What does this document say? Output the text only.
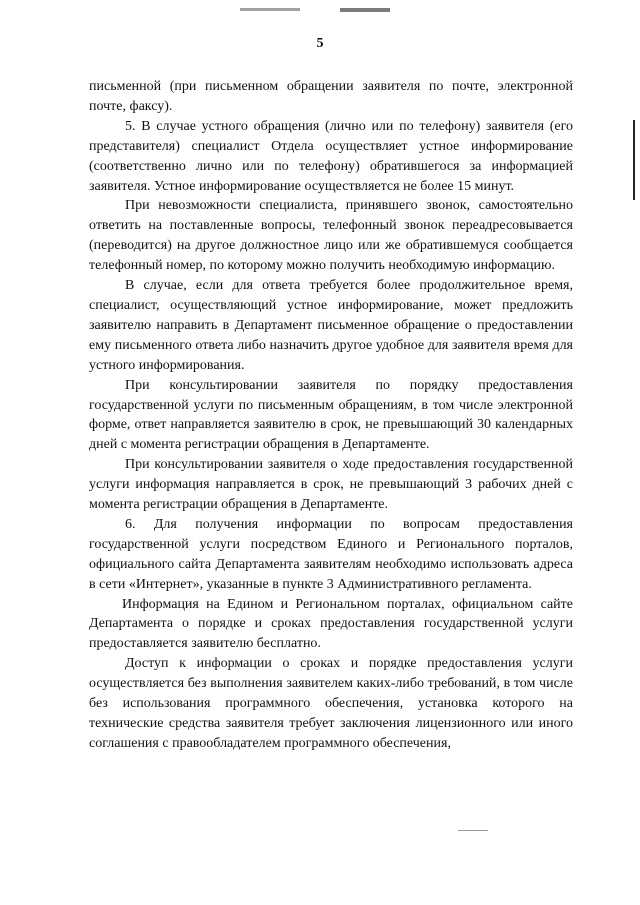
5

письменной (при письменном обращении заявителя по почте, электронной почте, факсу).

5. В случае устного обращения (лично или по телефону) заявителя (его представителя) специалист Отдела осуществляет устное информирование (соответственно лично или по телефону) обратившегося за информацией заявителя. Устное информирование осуществляется не более 15 минут.

При невозможности специалиста, принявшего звонок, самостоятельно ответить на поставленные вопросы, телефонный звонок переадресовывается (переводится) на другое должностное лицо или же обратившемуся сообщается телефонный номер, по которому можно получить необходимую информацию.

В случае, если для ответа требуется более продолжительное время, специалист, осуществляющий устное информирование, может предложить заявителю направить в Департамент письменное обращение о предоставлении ему письменного ответа либо назначить другое удобное для заявителя время для устного информирования.

При консультировании заявителя по порядку предоставления государственной услуги по письменным обращениям, в том числе электронной форме, ответ направляется заявителю в срок, не превышающий 30 календарных дней с момента регистрации обращения в Департаменте.

При консультировании заявителя о ходе предоставления государственной услуги информация направляется в срок, не превышающий 3 рабочих дней с момента регистрации обращения в Департаменте.

6. Для получения информации по вопросам предоставления государственной услуги посредством Единого и Регионального порталов, официального сайта Департамента заявителям необходимо использовать адреса в сети «Интернет», указанные в пункте 3 Административного регламента.

Информация на Едином и Региональном порталах, официальном сайте Департамента о порядке и сроках предоставления государственной услуги предоставляется заявителю бесплатно.

Доступ к информации о сроках и порядке предоставления услуги осуществляется без выполнения заявителем каких-либо требований, в том числе без использования программного обеспечения, установка которого на технические средства заявителя требует заключения лицензионного или иного соглашения с правообладателем программного обеспечения,
